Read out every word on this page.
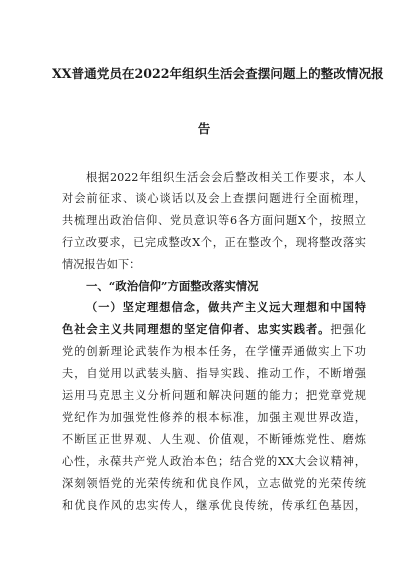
XX普通党员在2022年组织生活会查摆问题上的整改情况报
告
根据2022年组织生活会会后整改相关工作要求，本人
对会前征求、谈心谈话以及会上查摆问题进行全面梳理，
共梳理出政治信仰、党员意识等6各方面问题X个，按照立
行立改要求，已完成整改X个，正在整改个，现将整改落实
情况报告如下：
一、“政治信仰”方面整改落实情况
（一）坚定理想信念，做共产主义远大理想和中国特
色社会主义共同理想的坚定信仰者、忠实实践者。把强化
党的创新理论武装作为根本任务，在学懂弄通做实上下功
夫，自觉用以武装头脑、指导实践、推动工作，不断增强
运用马克思主义分析问题和解决问题的能力；把党章党规
党纪作为加强党性修养的根本标准，加强主观世界改造，
不断匡正世界观、人生观、价值观，不断锤炼党性、磨炼
心性，永葆共产党人政治本色；结合党的XX大会议精神，
深刻领悟党的光荣传统和优良作风，立志做党的光荣传统
和优良作风的忠实传人，继承优良传统，传承红色基因，
